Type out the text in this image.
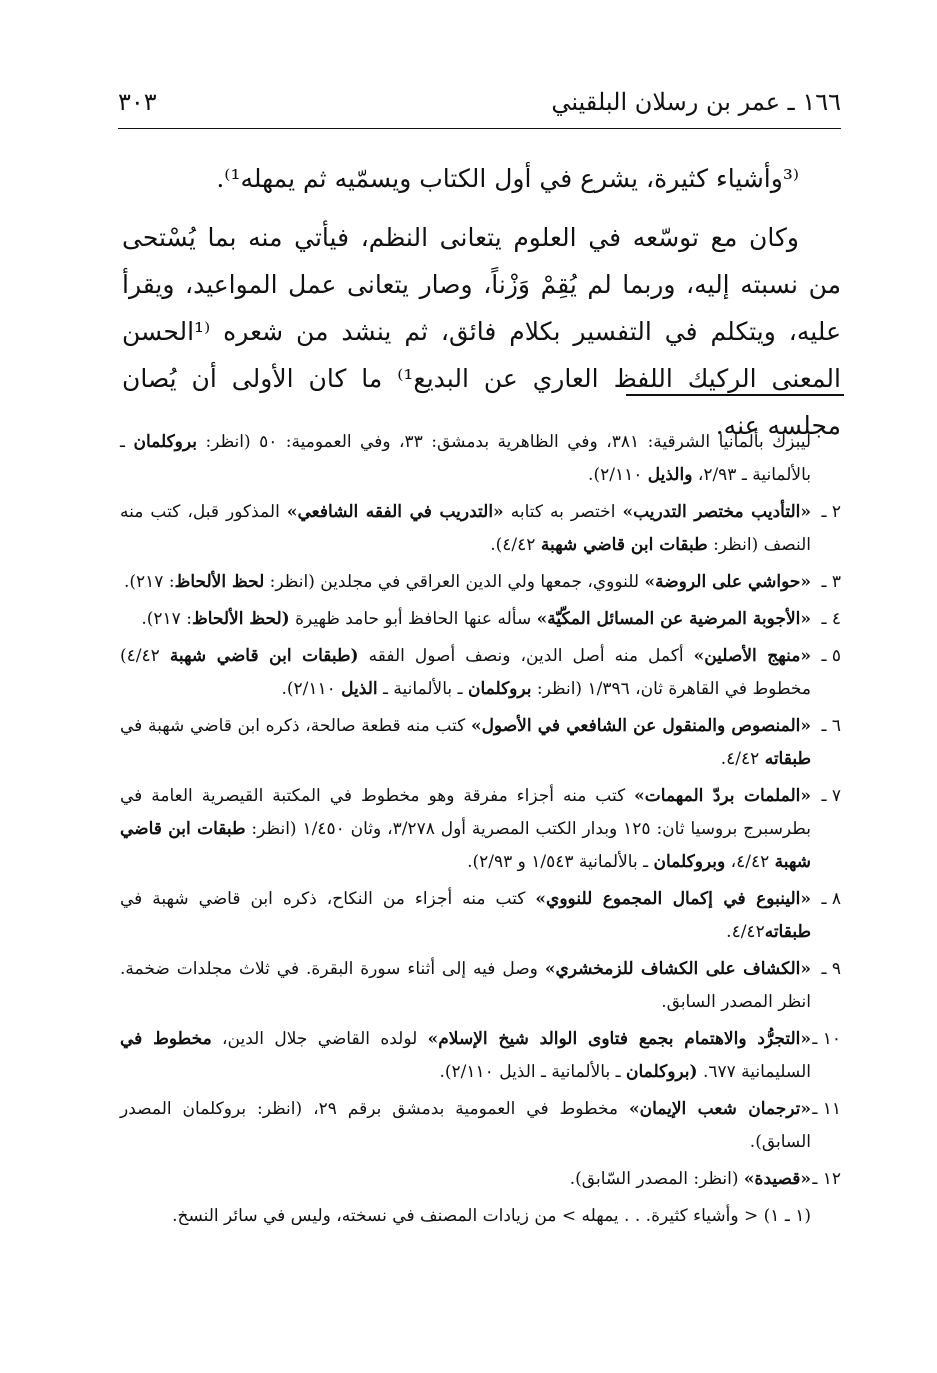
١٦٦ ـ عمر بن رسلان البلقيني
٣٠٣

⁽³وأشياء كثيرة، يشرع في أول الكتاب ويسمّيه ثم يمهله¹⁾.

وكان مع توسّعه في العلوم يتعانى النظم، فيأتي منه بما يُسْتحى من نسبته إليه، وربما لم يُقِمْ وَزْناً، وصار يتعانى عمل المواعيد، ويقرأ عليه، ويتكلم في التفسير بكلام فائق، ثم ينشد من شعره ⁽¹الحسن المعنى الركيك اللفظ العاري عن البديع¹⁾ ما كان الأولى أن يُصان مجلسه عنه.

ليبزك بألمانيا الشرقية: ٣٨١، وفي الظاهرية بدمشق: ٣٣، وفي العمومية: ٥٠ (انظر: بروكلمان ـ بالألمانية ـ ٢/٩٣، والذيل ٢/١١٠).

٢ ـ«التأديب مختصر التدريب» اختصر به كتابه «التدريب في الفقه الشافعي» المذكور قبل، كتب منه النصف (انظر: طبقات ابن قاضي شهبة ٤/٤٢).

٣ ـ«حواشي على الروضة» للنووي، جمعها ولي الدين العراقي في مجلدين (انظر: لحظ الألحاظ: ٢١٧).

٤ ـ«الأجوبة المرضية عن المسائل المكّيّة» سأله عنها الحافظ أبو حامد ظهيرة (لحظ الألحاظ: ٢١٧).

٥ ـ«منهج الأصلين» أكمل منه أصل الدين، ونصف أصول الفقه (طبقات ابن قاضي شهبة ٤/٤٢) مخطوط في القاهرة ثان، ١/٣٩٦ (انظر: بروكلمان ـ بالألمانية ـ الذيل ٢/١١٠).

٦ ـ«المنصوص والمنقول عن الشافعي في الأصول» كتب منه قطعة صالحة، ذكره ابن قاضي شهبة في طبقاته ٤/٤٢.

٧ ـ«الملمات بردّ المهمات» كتب منه أجزاء مفرقة وهو مخطوط في المكتبة القيصرية العامة في بطرسبرج بروسيا ثان: ١٢٥ وبدار الكتب المصرية أول ٣/٢٧٨، وثان ١/٤٥٠ (انظر: طبقات ابن قاضي شهبة ٤/٤٢، وبروكلمان ـ بالألمانية ١/٥٤٣ و ٢/٩٣).

٨ ـ«الينبوع في إكمال المجموع للنووي» كتب منه أجزاء من النكاح، ذكره ابن قاضي شهبة في طبقاته٤/٤٢.

٩ ـ«الكشاف على الكشاف للزمخشري» وصل فيه إلى أثناء سورة البقرة. في ثلاث مجلدات ضخمة. انظر المصدر السابق.

١٠ ـ«التجرُّد والاهتمام بجمع فتاوى الوالد شيخ الإسلام» لولده القاضي جلال الدين، مخطوط في السليمانية ٦٧٧. (بروكلمان ـ بالألمانية ـ الذيل ٢/١١٠).

١١ ـ«ترجمان شعب الإيمان» مخطوط في العمومية بدمشق برقم ٢٩، (انظر: بروكلمان المصدر السابق).

١٢ ـ«قصيدة» (انظر: المصدر السّابق).

(١ ـ ١) < وأشياء كثيرة. . . يمهله > من زيادات المصنف في نسخته، وليس في سائر النسخ.
